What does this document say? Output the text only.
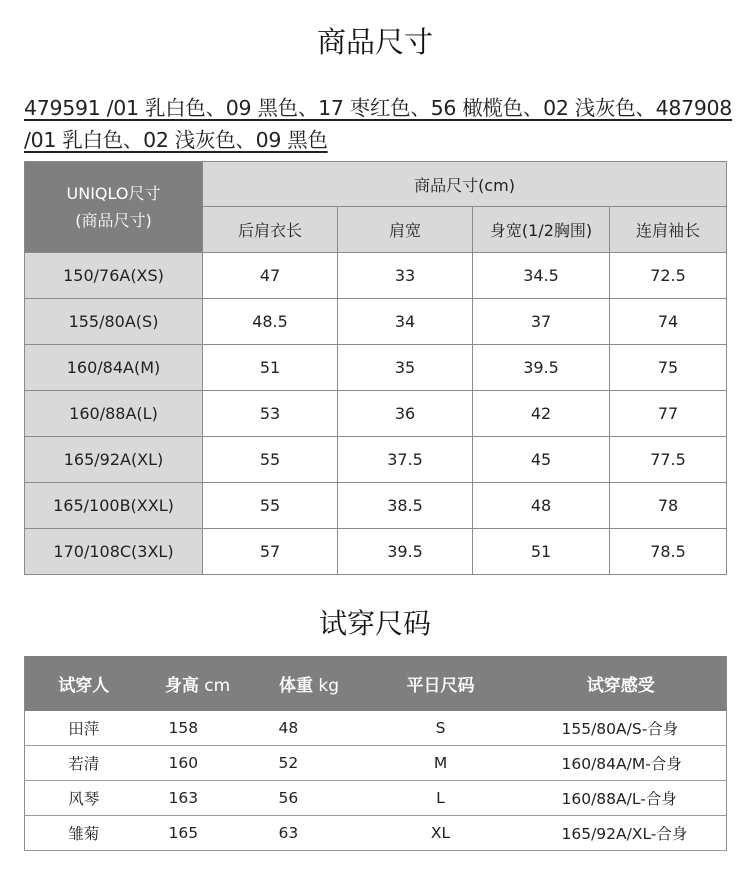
商品尺寸
479591 /01 乳白色、09 黑色、17 枣红色、56 橄榄色、02 浅灰色、487908 /01 乳白色、02 浅灰色、09 黑色
UNIQLO尺寸
(商品尺寸)	商品尺寸(cm)			
	后肩衣长	肩宽	身宽(1/2胸围)	连肩袖长
150/76A(XS)	47	33	34.5	72.5
155/80A(S)	48.5	34	37	74
160/84A(M)	51	35	39.5	75
160/88A(L)	53	36	42	77
165/92A(XL)	55	37.5	45	77.5
165/100B(XXL)	55	38.5	48	78
170/108C(3XL)	57	39.5	51	78.5
试穿尺码
试穿人	身高 cm	体重 kg	平日尺码	试穿感受
田萍	158	48	S	155/80A/S-合身
若清	160	52	M	160/84A/M-合身
风琴	163	56	L	160/88A/L-合身
雏菊	165	63	XL	165/92A/XL-合身
